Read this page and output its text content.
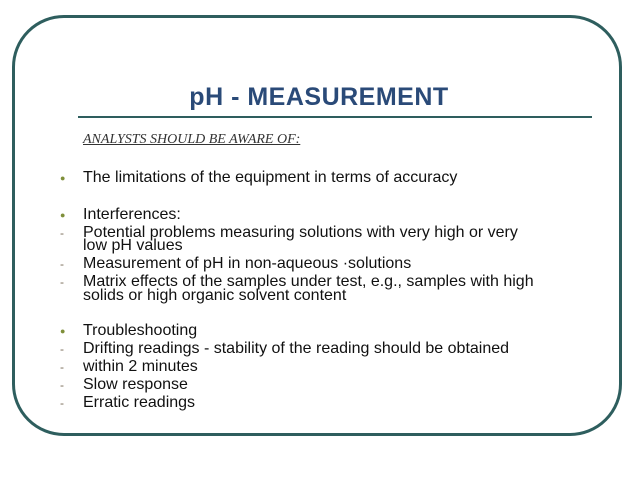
pH - MEASUREMENT

ANALYSTS SHOULD BE AWARE OF:

● The limitations of the equipment in terms of accuracy

● Interferences:

- Potential problems measuring solutions with very high or very

low pH values

- Measurement of pH in non-aqueous ·solutions

- Matrix effects of the samples under test, e.g., samples with high

solids or high organic solvent content

● Troubleshooting

- Drifting readings - stability of the reading should be obtained

- within 2 minutes

- Slow response

- Erratic readings
